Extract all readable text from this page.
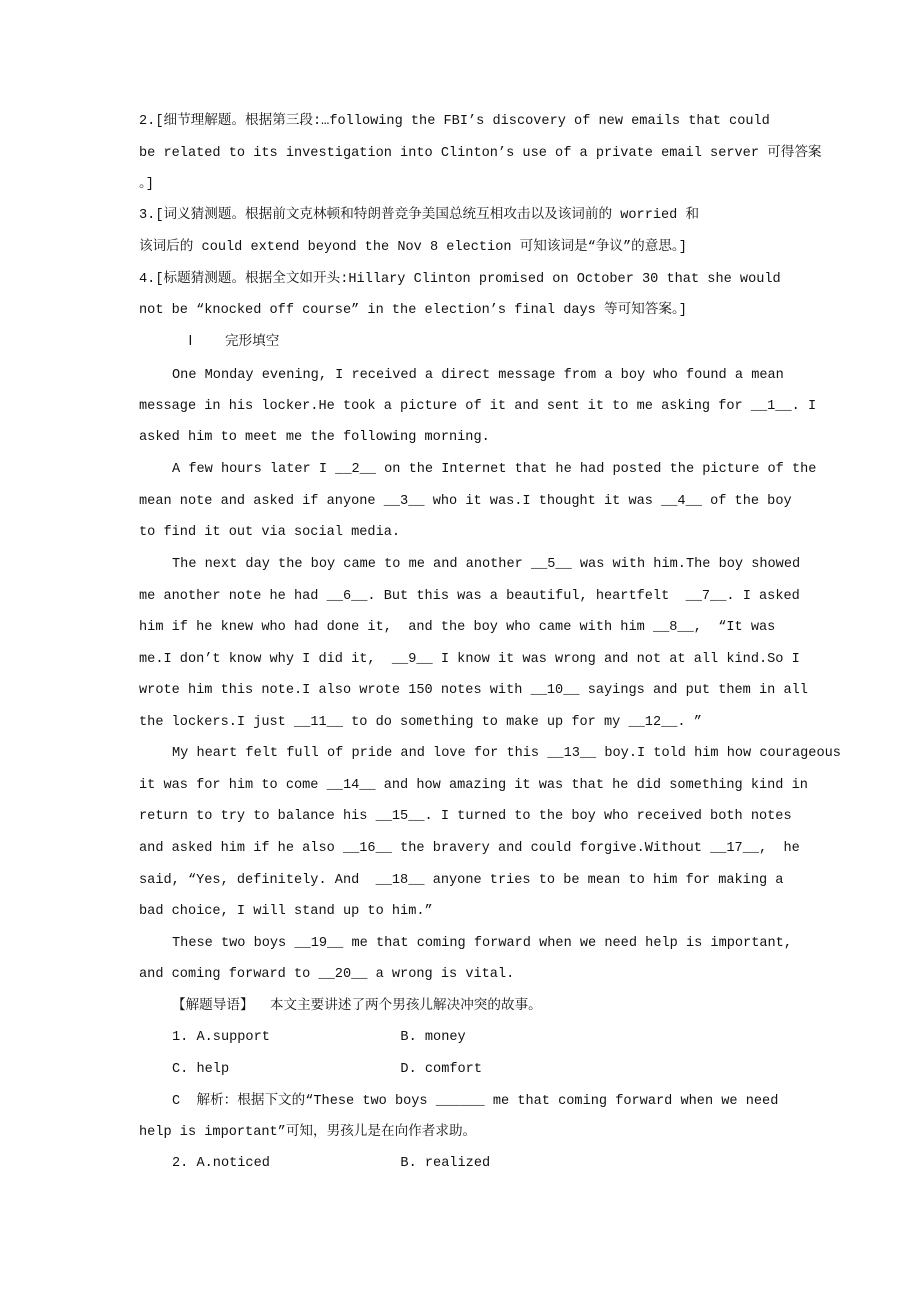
2.[细节理解题。根据第三段:…following the FBI’s discovery of new emails that could
be related to its investigation into Clinton’s use of a private email server 可得答案
。]
3.[词义猜测题。根据前文克林顿和特朗普竞争美国总统互相攻击以及该词前的 worried 和
该词后的 could extend beyond the Nov 8 election 可知该词是“争议”的意思。]
4.[标题猜测题。根据全文如开头:Hillary Clinton promised on October 30 that she would
not be “knocked off course” in the election’s final days 等可知答案。]
Ⅰ    完形填空
One Monday evening, I received a direct message from a boy who found a mean
message in his locker.He took a picture of it and sent it to me asking for __1__. I
asked him to meet me the following morning.
A few hours later I __2__ on the Internet that he had posted the picture of the
mean note and asked if anyone __3__ who it was.I thought it was __4__ of the boy
to find it out via social media.
The next day the boy came to me and another __5__ was with him.The boy showed
me another note he had __6__. But this was a beautiful, heartfelt  __7__. I asked
him if he knew who had done it,  and the boy who came with him __8__,  “It was
me.I don’t know why I did it,  __9__ I know it was wrong and not at all kind.So I
wrote him this note.I also wrote 150 notes with __10__ sayings and put them in all
the lockers.I just __11__ to do something to make up for my __12__. ”
My heart felt full of pride and love for this __13__ boy.I told him how courageous
it was for him to come __14__ and how amazing it was that he did something kind in
return to try to balance his __15__. I turned to the boy who received both notes
and asked him if he also __16__ the bravery and could forgive.Without __17__,  he
said, “Yes, definitely. And  __18__ anyone tries to be mean to him for making a
bad choice, I will stand up to him.”
These two boys __19__ me that coming forward when we need help is important,
and coming forward to __20__ a wrong is vital.
【解题导语】  本文主要讲述了两个男孩儿解决冲突的故事。
1. A.support                B. money
C. help                     D. comfort
C  解析：根据下文的“These two boys ______ me that coming forward when we need
help is important”可知，男孩儿是在向作者求助。
2. A.noticed                B. realized
